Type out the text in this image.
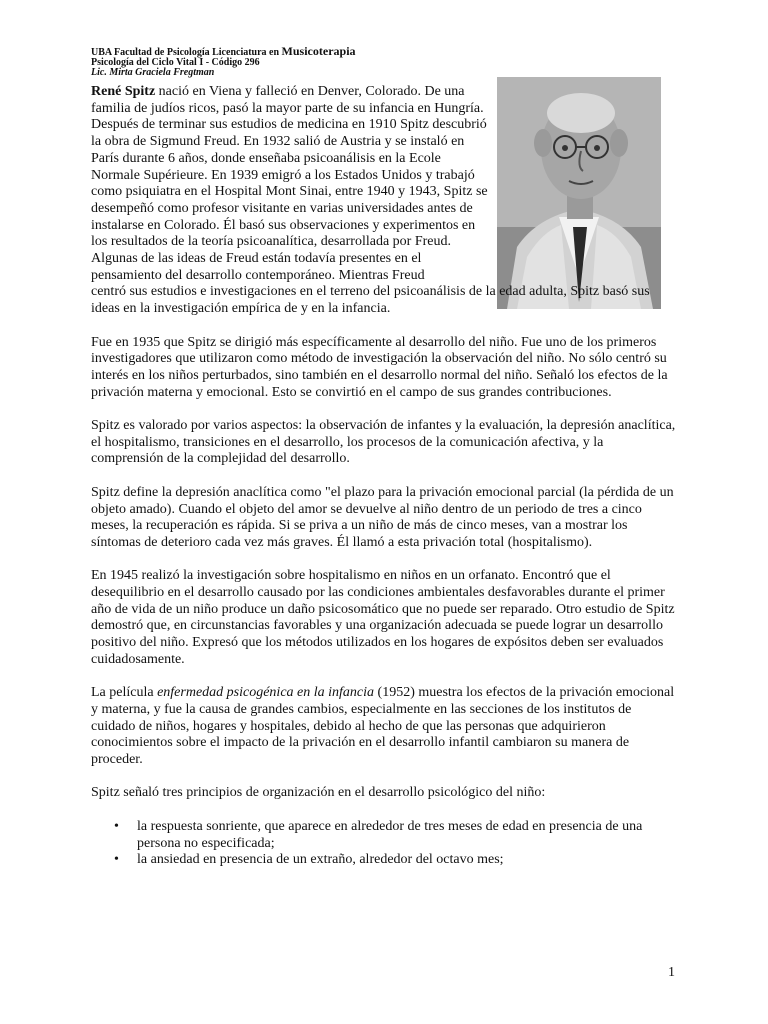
UBA Facultad de Psicología Licenciatura en Musicoterapia
Psicología del Ciclo Vital I - Código 296
Lic. Mirta Graciela Fregtman
René Spitz nació en Viena y falleció en Denver, Colorado. De una familia de judíos ricos, pasó la mayor parte de su infancia en Hungría. Después de terminar sus estudios de medicina en 1910 Spitz descubrió la obra de Sigmund Freud. En 1932 salió de Austria y se instaló en París durante 6 años, donde enseñaba psicoanálisis en la Ecole Normale Supérieure. En 1939 emigró a los Estados Unidos y trabajó como psiquiatra en el Hospital Mont Sinai, entre 1940 y 1943, Spitz se desempeñó como profesor visitante en varias universidades antes de instalarse en Colorado. Él basó sus observaciones y experimentos en los resultados de la teoría psicoanalítica, desarrollada por Freud. Algunas de las ideas de Freud están todavía presentes en el pensamiento del desarrollo contemporáneo. Mientras Freud
centró sus estudios e investigaciones en el terreno del psicoanálisis de la edad adulta, Spitz basó sus ideas en la investigación empírica de y en la infancia.

Fue en 1935 que Spitz se dirigió más específicamente al desarrollo del niño. Fue uno de los primeros investigadores que utilizaron como método de investigación la observación del niño. No sólo centró su interés en los niños perturbados, sino también en el desarrollo normal del niño. Señaló los efectos de la privación materna y emocional. Esto se convirtió en el campo de sus grandes contribuciones.

Spitz es valorado por varios aspectos: la observación de infantes y la evaluación, la depresión anaclítica, el hospitalismo, transiciones en el desarrollo, los procesos de la comunicación afectiva, y la comprensión de la complejidad del desarrollo.

Spitz define la depresión anaclítica como "el plazo para la privación emocional parcial (la pérdida de un objeto amado). Cuando el objeto del amor se devuelve al niño dentro de un periodo de tres a cinco meses, la recuperación es rápida. Si se priva a un niño de más de cinco meses, van a mostrar los síntomas de deterioro cada vez más graves. Él llamó a esta privación total (hospitalismo).

En 1945 realizó la investigación sobre hospitalismo en niños en un orfanato. Encontró que el desequilibrio en el desarrollo causado por las condiciones ambientales desfavorables durante el primer año de vida de un niño produce un daño psicosomático que no puede ser reparado. Otro estudio de Spitz demostró que, en circunstancias favorables y una organización adecuada se puede lograr un desarrollo positivo del niño. Expresó que los métodos utilizados en los hogares de expósitos deben ser evaluados cuidadosamente.

La película enfermedad psicogénica en la infancia (1952) muestra los efectos de la privación emocional y materna, y fue la causa de grandes cambios, especialmente en las secciones de los institutos de cuidado de niños, hogares y hospitales, debido al hecho de que las personas que adquirieron conocimientos sobre el impacto de la privación en el desarrollo infantil cambiaron su manera de proceder.

Spitz señaló tres principios de organización en el desarrollo psicológico del niño:

• la respuesta sonriente, que aparece en alrededor de tres meses de edad en presencia de una persona no especificada;
• la ansiedad en presencia de un extraño, alrededor del octavo mes;
1
